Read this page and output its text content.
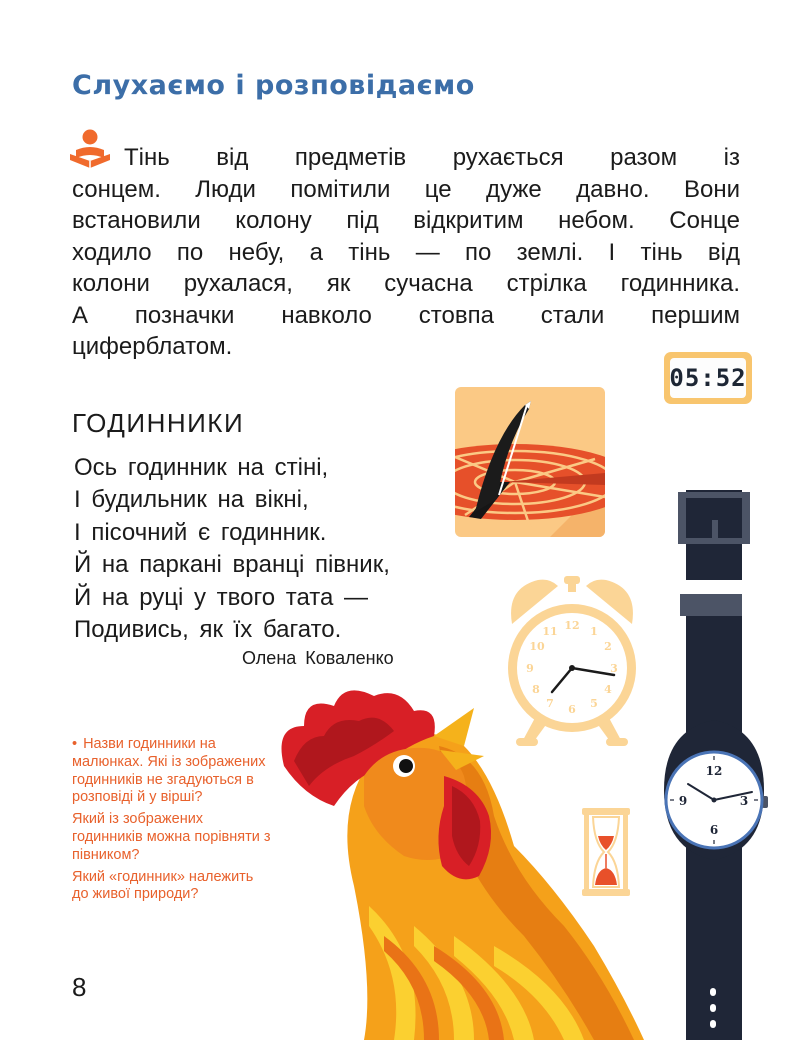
Слухаємо і розповідаємо
Тінь від предметів рухається разом із
сонцем. Люди помітили це дуже давно. Вони
встановили колону під відкритим небом. Сонце
ходило по небу, а тінь — по землі. І тінь від
колони рухалася, як сучасна стрілка годинника.
А позначки навколо стовпа стали першим
циферблатом.
05:52
ГОДИННИКИ
Ось годинник на стіні,
І будильник на вікні,
І пісочний є годинник.
Й на паркані вранці півник,
Й на руці у твого тата —
Подивись, як їх багато.
Олена Коваленко
12 1
2
3
4
5
6
7
8
9
10
11
12
3
6
9
• Назви годинники на малюнках. Які із зображених годинників не згадуються в розповіді й у вірші?
Який із зображених годинників можна порівняти з півником?
Який «годинник» належить до живої природи?
8
